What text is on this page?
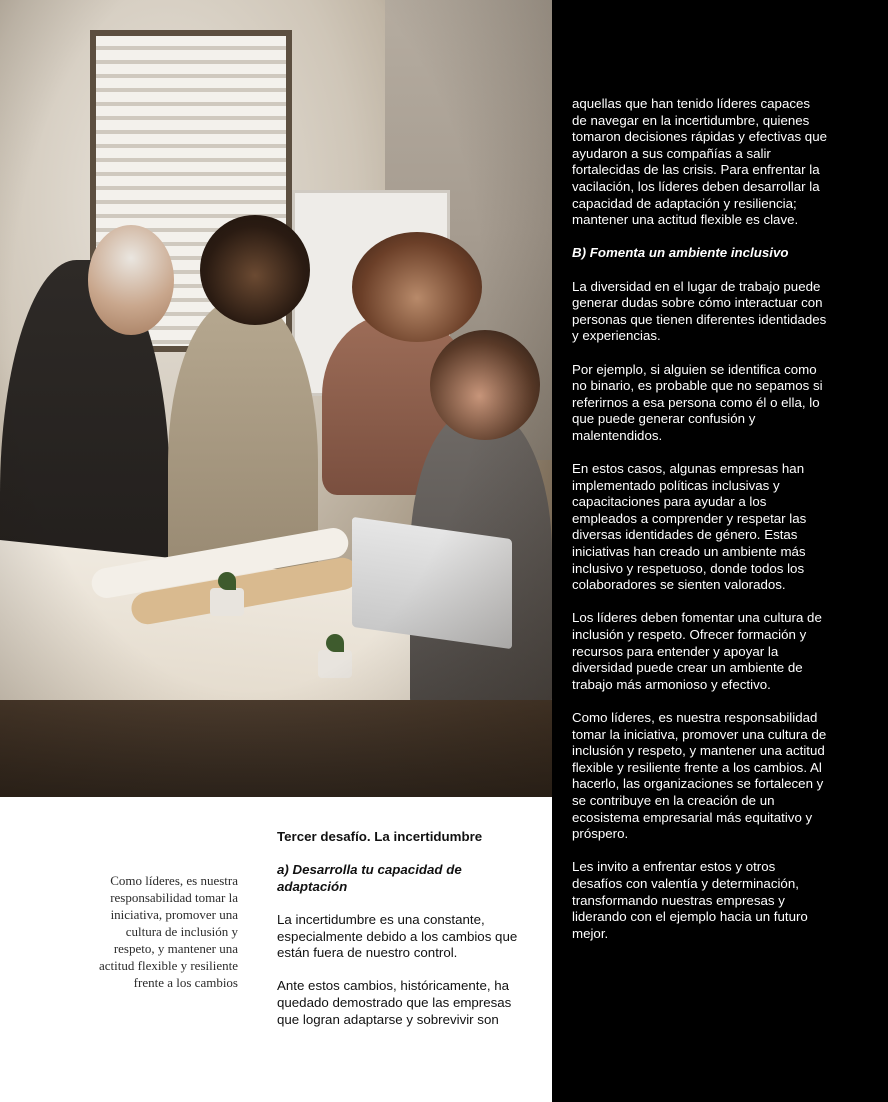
aquellas que han tenido líderes capaces de navegar en la incertidumbre, quienes tomaron decisiones rápidas y efectivas que ayudaron a sus compañías a salir fortalecidas de las crisis. Para enfrentar la vacilación, los líderes deben desarrollar la capacidad de adaptación y resiliencia; mantener una actitud flexible es clave.

B) Fomenta un ambiente inclusivo

La diversidad en el lugar de trabajo puede generar dudas sobre cómo interactuar con personas que tienen diferentes identidades y experiencias.

Por ejemplo, si alguien se identifica como no binario, es probable que no sepamos si referirnos a esa persona como él o ella, lo que puede generar confusión y malentendidos.

En estos casos, algunas empresas han implementado políticas inclusivas y capacitaciones para ayudar a los empleados a comprender y respetar las diversas identidades de género. Estas iniciativas han creado un ambiente más inclusivo y respetuoso, donde todos los colaboradores se sienten valorados.

Los líderes deben fomentar una cultura de inclusión y respeto. Ofrecer formación y recursos para entender y apoyar la diversidad puede crear un ambiente de trabajo más armonioso y efectivo.

Como líderes, es nuestra responsabilidad tomar la iniciativa, promover una cultura de inclusión y respeto, y mantener una actitud flexible y resiliente frente a los cambios. Al hacerlo, las organizaciones se fortalecen y se contribuye en la creación de un ecosistema empresarial más equitativo y próspero.

Les invito a enfrentar estos y otros desafíos con valentía y determinación, transformando nuestras empresas y liderando con el ejemplo hacia un futuro mejor.

Como líderes, es nuestra responsabilidad tomar la iniciativa, promover una cultura de inclusión y respeto, y mantener una actitud flexible y resiliente frente a los cambios
Tercer desafío. La incertidumbre

a) Desarrolla tu capacidad de adaptación

La incertidumbre es una constante, especialmente debido a los cambios que están fuera de nuestro control.

Ante estos cambios, históricamente, ha quedado demostrado que las empresas que logran adaptarse y sobrevivir son
